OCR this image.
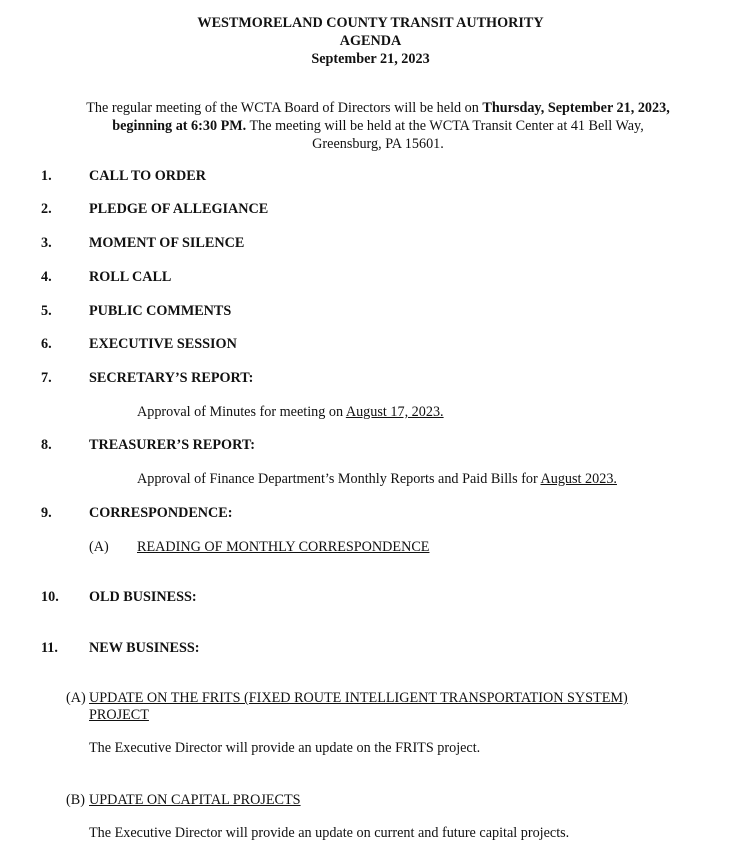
WESTMORELAND COUNTY TRANSIT AUTHORITY
AGENDA
September 21, 2023
The regular meeting of the WCTA Board of Directors will be held on Thursday, September 21, 2023, beginning at 6:30 PM. The meeting will be held at the WCTA Transit Center at 41 Bell Way, Greensburg, PA 15601.
1.	CALL TO ORDER
2.	PLEDGE OF ALLEGIANCE
3.	MOMENT OF SILENCE
4.	ROLL CALL
5.	PUBLIC COMMENTS
6.	EXECUTIVE SESSION
7.	SECRETARY’S REPORT:
Approval of Minutes for meeting on August 17, 2023.
8.	TREASURER’S REPORT:
Approval of Finance Department’s Monthly Reports and Paid Bills for August 2023.
9.	CORRESPONDENCE:
(A) READING OF MONTHLY CORRESPONDENCE
10. OLD BUSINESS:
11. NEW BUSINESS:
(A) UPDATE ON THE FRITS (FIXED ROUTE INTELLIGENT TRANSPORTATION SYSTEM)
PROJECT
The Executive Director will provide an update on the FRITS project.
(B) UPDATE ON CAPITAL PROJECTS
The Executive Director will provide an update on current and future capital projects.
